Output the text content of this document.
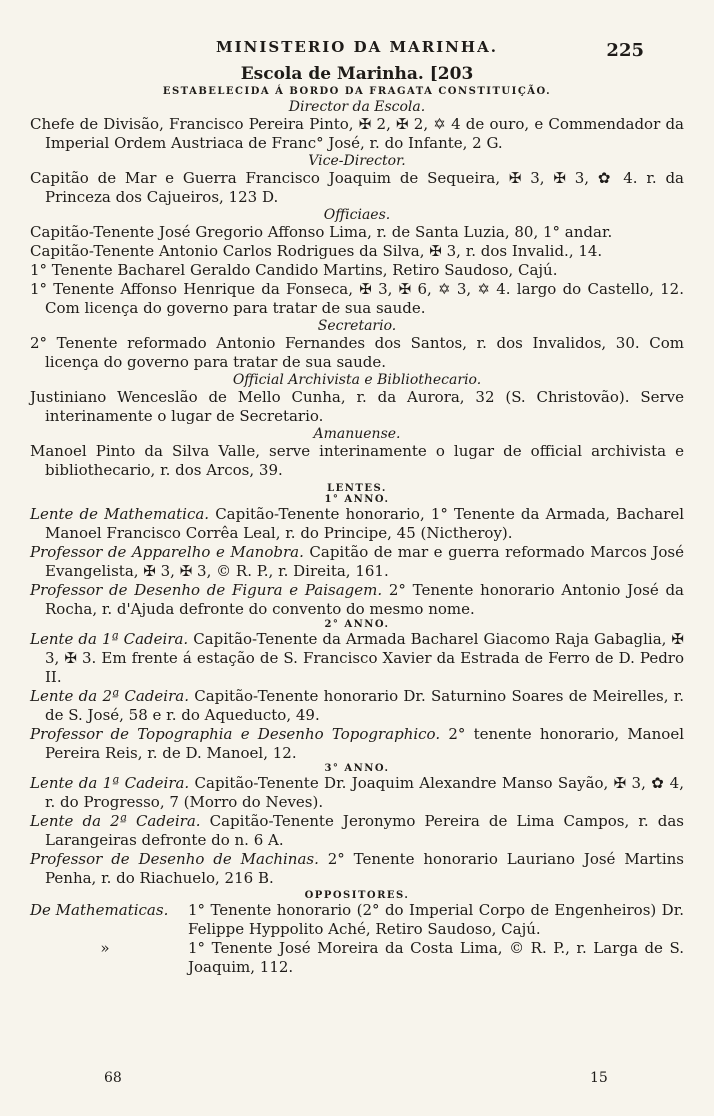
MINISTERIO DA MARINHA.	225
Escola de Marinha. [203
ESTABELECIDA Á BORDO DA FRAGATA CONSTITUIÇÃO.
Director da Escola.
Chefe de Divisão, Francisco Pereira Pinto, ✠ 2, ✠ 2, ✡ 4 de ouro, e Commendador da Imperial Ordem Austriaca de Franc° José, r. do Infante, 2 G.
Vice-Director.
Capitão de Mar e Guerra Francisco Joaquim de Sequeira, ✠ 3, ✠ 3, ✿ 4. r. da Princeza dos Cajueiros, 123 D.
Officiaes.
Capitão-Tenente José Gregorio Affonso Lima, r. de Santa Luzia, 80, 1° andar.
Capitão-Tenente Antonio Carlos Rodrigues da Silva, ✠ 3, r. dos Invalid., 14.
1° Tenente Bacharel Geraldo Candido Martins, Retiro Saudoso, Cajú.
1° Tenente Affonso Henrique da Fonseca, ✠ 3, ✠ 6, ✡ 3, ✡ 4. largo do Castello, 12. Com licença do governo para tratar de sua saude.
Secretario.
2° Tenente reformado Antonio Fernandes dos Santos, r. dos Invalidos, 30. Com licença do governo para tratar de sua saude.
Official Archivista e Bibliothecario.
Justiniano Wenceslão de Mello Cunha, r. da Aurora, 32 (S. Christovão). Serve interinamente o lugar de Secretario.
Amanuense.
Manoel Pinto da Silva Valle, serve interinamente o lugar de official archivista e bibliothecario, r. dos Arcos, 39.
LENTES.
1° ANNO.
Lente de Mathematica. Capitão-Tenente honorario, 1° Tenente da Armada, Bacharel Manoel Francisco Corrêa Leal, r. do Principe, 45 (Nictheroy).
Professor de Apparelho e Manobra. Capitão de mar e guerra reformado Marcos José Evangelista, ✠ 3, ✠ 3, © R. P., r. Direita, 161.
Professor de Desenho de Figura e Paisagem. 2° Tenente honorario Antonio José da Rocha, r. d'Ajuda defronte do convento do mesmo nome.
2° ANNO.
Lente da 1ª Cadeira. Capitão-Tenente da Armada Bacharel Giacomo Raja Gabaglia, ✠ 3, ✠ 3. Em frente á estação de S. Francisco Xavier da Estrada de Ferro de D. Pedro II.
Lente da 2ª Cadeira. Capitão-Tenente honorario Dr. Saturnino Soares de Meirelles, r. de S. José, 58 e r. do Aqueducto, 49.
Professor de Topographia e Desenho Topographico. 2° tenente honorario, Manoel Pereira Reis, r. de D. Manoel, 12.
3° ANNO.
Lente da 1ª Cadeira. Capitão-Tenente Dr. Joaquim Alexandre Manso Sayão, ✠ 3, ✿ 4, r. do Progresso, 7 (Morro do Neves).
Lente da 2ª Cadeira. Capitão-Tenente Jeronymo Pereira de Lima Campos, r. das Larangeiras defronte do n. 6 A.
Professor de Desenho de Machinas. 2° Tenente honorario Lauriano José Martins Penha, r. do Riachuelo, 216 B.
OPPOSITORES.
De Mathematicas.	1° Tenente honorario (2° do Imperial Corpo de Engenheiros) Dr. Felippe Hyppolito Aché, Retiro Saudoso, Cajú.
»	1° Tenente José Moreira da Costa Lima, © R. P., r. Larga de S. Joaquim, 112.
68	15
